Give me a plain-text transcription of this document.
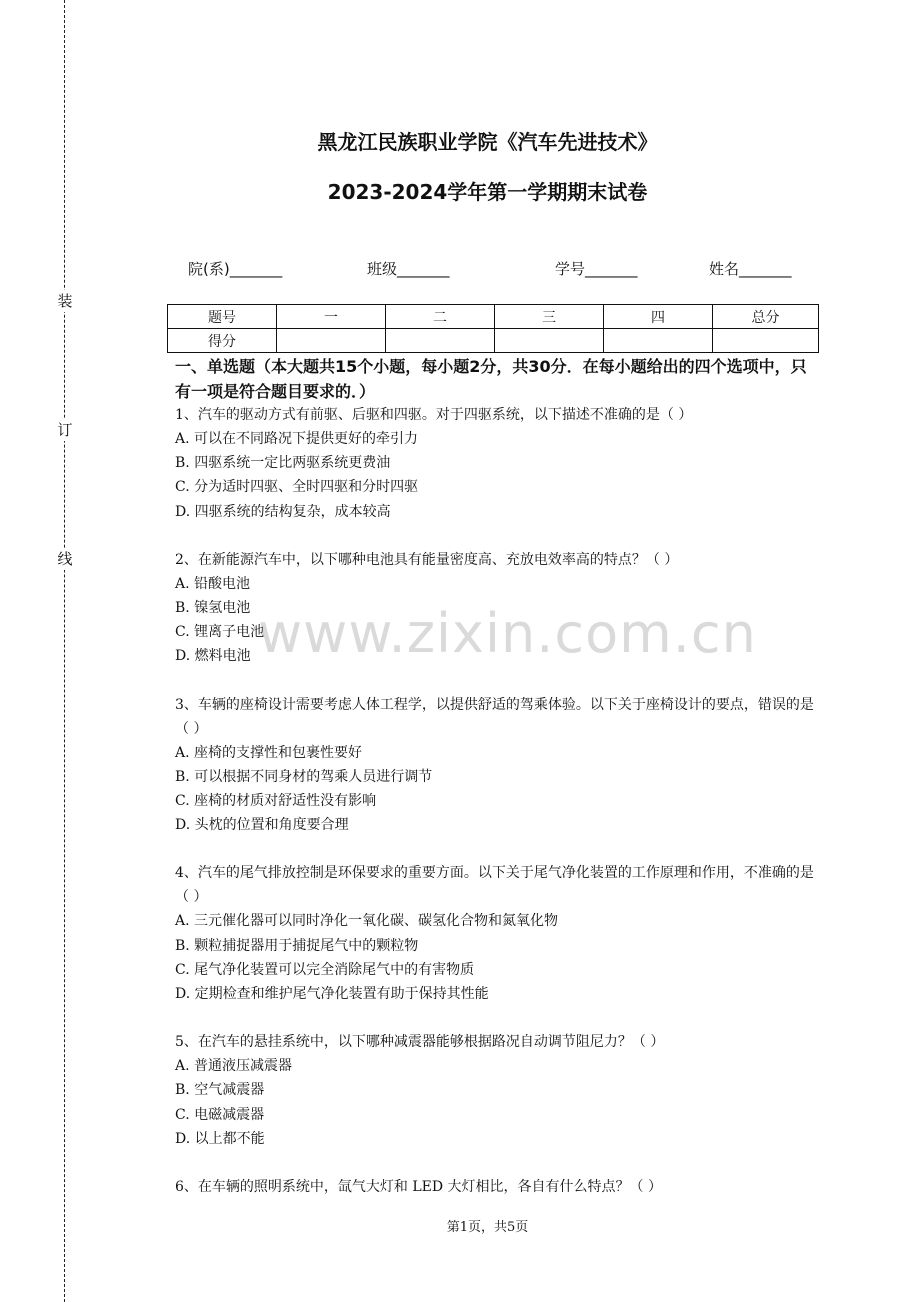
装
订
线
黑龙江民族职业学院《汽车先进技术》
2023-2024学年第一学期期末试卷
院(系)_______	班级_______	学号_______	姓名_______
题号	一	二	三	四	总分
得分					
一、单选题（本大题共15个小题，每小题2分，共30分．在每小题给出的四个选项中，只有一项是符合题目要求的．）
1、汽车的驱动方式有前驱、后驱和四驱。对于四驱系统，以下描述不准确的是（ ）
A. 可以在不同路况下提供更好的牵引力
B. 四驱系统一定比两驱系统更费油
C. 分为适时四驱、全时四驱和分时四驱
D. 四驱系统的结构复杂，成本较高
2、在新能源汽车中，以下哪种电池具有能量密度高、充放电效率高的特点？（ ）
A. 铅酸电池
B. 镍氢电池
C. 锂离子电池
D. 燃料电池
3、车辆的座椅设计需要考虑人体工程学，以提供舒适的驾乘体验。以下关于座椅设计的要点，错误的是（ ）
A. 座椅的支撑性和包裹性要好
B. 可以根据不同身材的驾乘人员进行调节
C. 座椅的材质对舒适性没有影响
D. 头枕的位置和角度要合理
4、汽车的尾气排放控制是环保要求的重要方面。以下关于尾气净化装置的工作原理和作用，不准确的是（ ）
A. 三元催化器可以同时净化一氧化碳、碳氢化合物和氮氧化物
B. 颗粒捕捉器用于捕捉尾气中的颗粒物
C. 尾气净化装置可以完全消除尾气中的有害物质
D. 定期检查和维护尾气净化装置有助于保持其性能
5、在汽车的悬挂系统中，以下哪种减震器能够根据路况自动调节阻尼力？（ ）
A. 普通液压减震器
B. 空气减震器
C. 电磁减震器
D. 以上都不能
6、在车辆的照明系统中，氙气大灯和 LED 大灯相比，各自有什么特点？（ ）
www.zixin.com.cn
第1页，共5页
